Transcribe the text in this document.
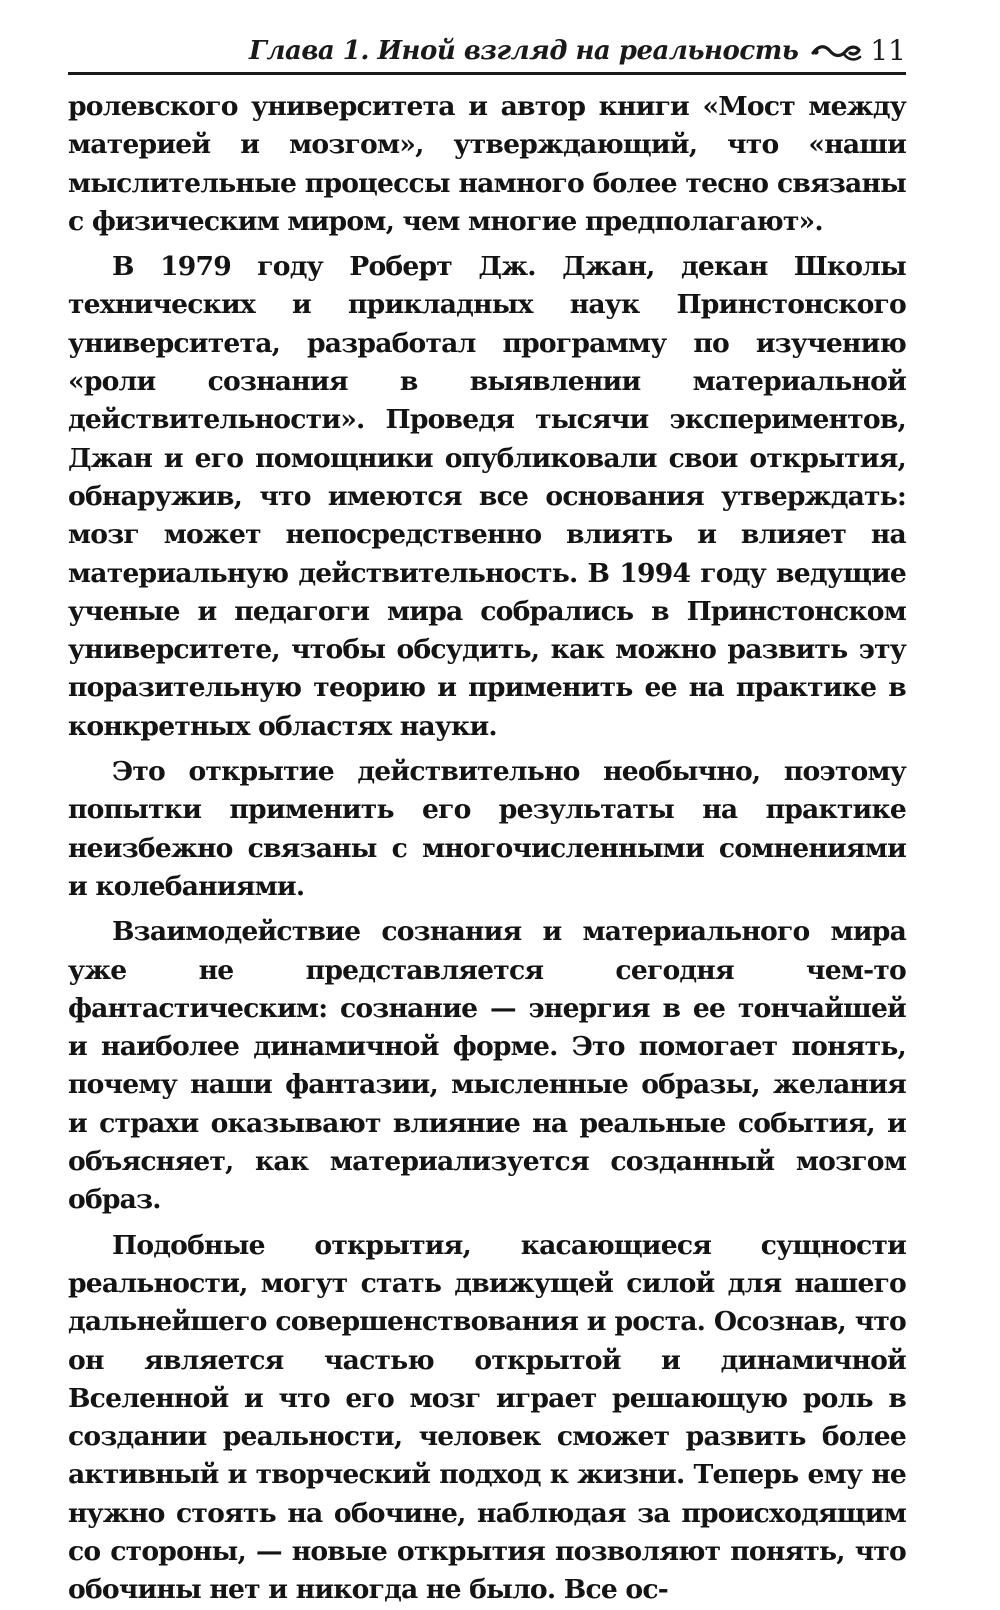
Глава 1. Иной взгляд на реальность	11

ролевского университета и автор книги «Мост между материей и мозгом», утверждающий, что «наши мыслительные процессы намного более тесно связаны с физическим миром, чем многие предполагают».

В 1979 году Роберт Дж. Джан, декан Школы технических и прикладных наук Принстонского университета, разработал программу по изучению «роли сознания в выявлении материальной действительности». Проведя тысячи экспериментов, Джан и его помощники опубликовали свои открытия, обнаружив, что имеются все основания утверждать: мозг может непосредственно влиять и влияет на материальную действительность. В 1994 году ведущие ученые и педагоги мира собрались в Принстонском университете, чтобы обсудить, как можно развить эту поразительную теорию и применить ее на практике в конкретных областях науки.

Это открытие действительно необычно, поэтому попытки применить его результаты на практике неизбежно связаны с многочисленными сомнениями и колебаниями.

Взаимодействие сознания и материального мира уже не представляется сегодня чем-то фантастическим: сознание — энергия в ее тончайшей и наиболее динамичной форме. Это помогает понять, почему наши фантазии, мысленные образы, желания и страхи оказывают влияние на реальные события, и объясняет, как материализуется созданный мозгом образ.

Подобные открытия, касающиеся сущности реальности, могут стать движущей силой для нашего дальнейшего совершенствования и роста. Осознав, что он является частью открытой и динамичной Вселенной и что его мозг играет решающую роль в создании реальности, человек сможет развить более активный и творческий подход к жизни. Теперь ему не нужно стоять на обочине, наблюдая за происходящим со стороны, — новые открытия позволяют понять, что обочины нет и никогда не было. Все ос-
